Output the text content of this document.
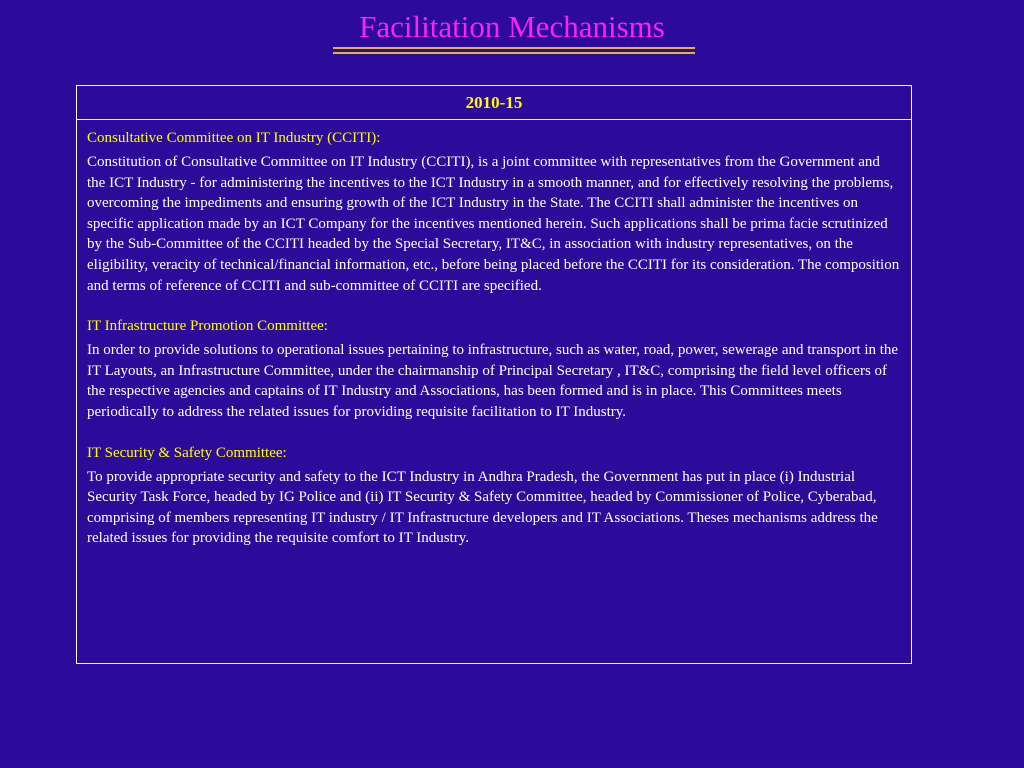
Facilitation Mechanisms
2010-15

Consultative Committee on IT Industry (CCITI):

Constitution of Consultative Committee on IT Industry (CCITI), is a joint committee with representatives from the Government and the ICT Industry - for administering the incentives to the ICT Industry in a smooth manner, and for effectively resolving the problems, overcoming the impediments and ensuring growth of the ICT Industry in the State. The CCITI shall administer the incentives on specific application made by an ICT Company for the incentives mentioned herein. Such applications shall be prima facie scrutinized by the Sub-Committee of the CCITI headed by the Special Secretary, IT&C, in association with industry representatives, on the eligibility, veracity of technical/financial information, etc., before being placed before the CCITI for its consideration. The composition and terms of reference of CCITI and sub-committee of CCITI are specified.

IT Infrastructure Promotion Committee:

In order to provide solutions to operational issues pertaining to infrastructure, such as water, road, power, sewerage and transport in the IT Layouts, an Infrastructure Committee, under the chairmanship of Principal Secretary , IT&C, comprising the field level officers of the respective agencies and captains of IT Industry and Associations, has been formed and is in place. This Committees meets periodically to address the related issues for providing requisite facilitation to IT Industry.

IT Security & Safety Committee:

To provide appropriate security and safety to the ICT Industry in Andhra Pradesh, the Government has put in place (i) Industrial Security Task Force, headed by IG Police and (ii) IT Security & Safety Committee, headed by Commissioner of Police, Cyberabad, comprising of members representing IT industry / IT Infrastructure developers and IT Associations. Theses mechanisms address the related issues for providing the requisite comfort to IT Industry.
